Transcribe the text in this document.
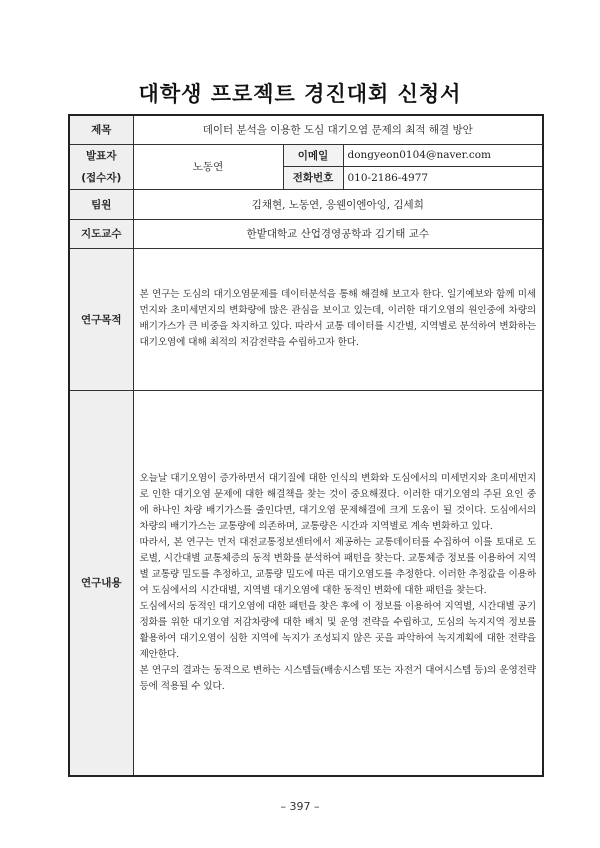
대학생 프로젝트 경진대회 신청서
제목	데이터 분석을 이용한 도심 대기오염 문제의 최적 해결 방안		

발표자
(접수자)	노동연	이메일	dongyeon0104@naver.com
		전화번호	010-2186-4977
팀원	김채현, 노동연, 응웬이엔아잉, 김세희		
지도교수	한밭대학교 산업경영공학과 김기태 교수		
연구목적	본 연구는 도심의 대기오염문제를 데이터분석을 통해 해결해 보고자 한다. 일기예보와 함께 미세먼지와 초미세먼지의 변화량에 많은 관심을 보이고 있는데, 이러한 대기오염의 원인중에 차량의 배기가스가 큰 비중을 차지하고 있다. 따라서 교통 데이터를 시간별, 지역별로 분석하여 변화하는 대기오염에 대해 최적의 저감전략을 수립하고자 한다.		

연구내용	오늘날 대기오염이 증가하면서 대기질에 대한 인식의 변화와 도심에서의 미세먼지와 초미세먼지로 인한 대기오염 문제에 대한 해결책을 찾는 것이 중요해졌다. 이러한 대기오염의 주된 요인 중에 하나인 차량 배기가스를 줄인다면, 대기오염 문제해결에 크게 도움이 될 것이다. 도심에서의 차량의 배기가스는 교통량에 의존하며, 교통량은 시간과 지역별로 계속 변화하고 있다.

따라서, 본 연구는 먼저 대전교통정보센터에서 제공하는 교통데이터를 수집하여 이를 토대로 도로별, 시간대별 교통체증의 동적 변화를 분석하여 패턴을 찾는다. 교통체증 정보를 이용하여 지역별 교통량 밀도를 추정하고, 교통량 밀도에 따른 대기오염도를 추정한다. 이러한 추정값을 이용하여 도심에서의 시간대별, 지역별 대기오염에 대한 동적인 변화에 대한 패턴을 찾는다.

도심에서의 동적인 대기오염에 대한 패턴을 찾은 후에 이 정보를 이용하여 지역별, 시간대별 공기정화를 위한 대기오염 저감차량에 대한 배치 및 운영 전략을 수립하고, 도심의 녹지지역 정보를 활용하여 대기오염이 심한 지역에 녹지가 조성되지 않은 곳을 파악하여 녹지계획에 대한 전략을 제안한다.

본 연구의 결과는 동적으로 변하는 시스템들(배송시스템 또는 자전거 대여시스템 등)의 운영전략 등에 적용될 수 있다.		

– 397 –
